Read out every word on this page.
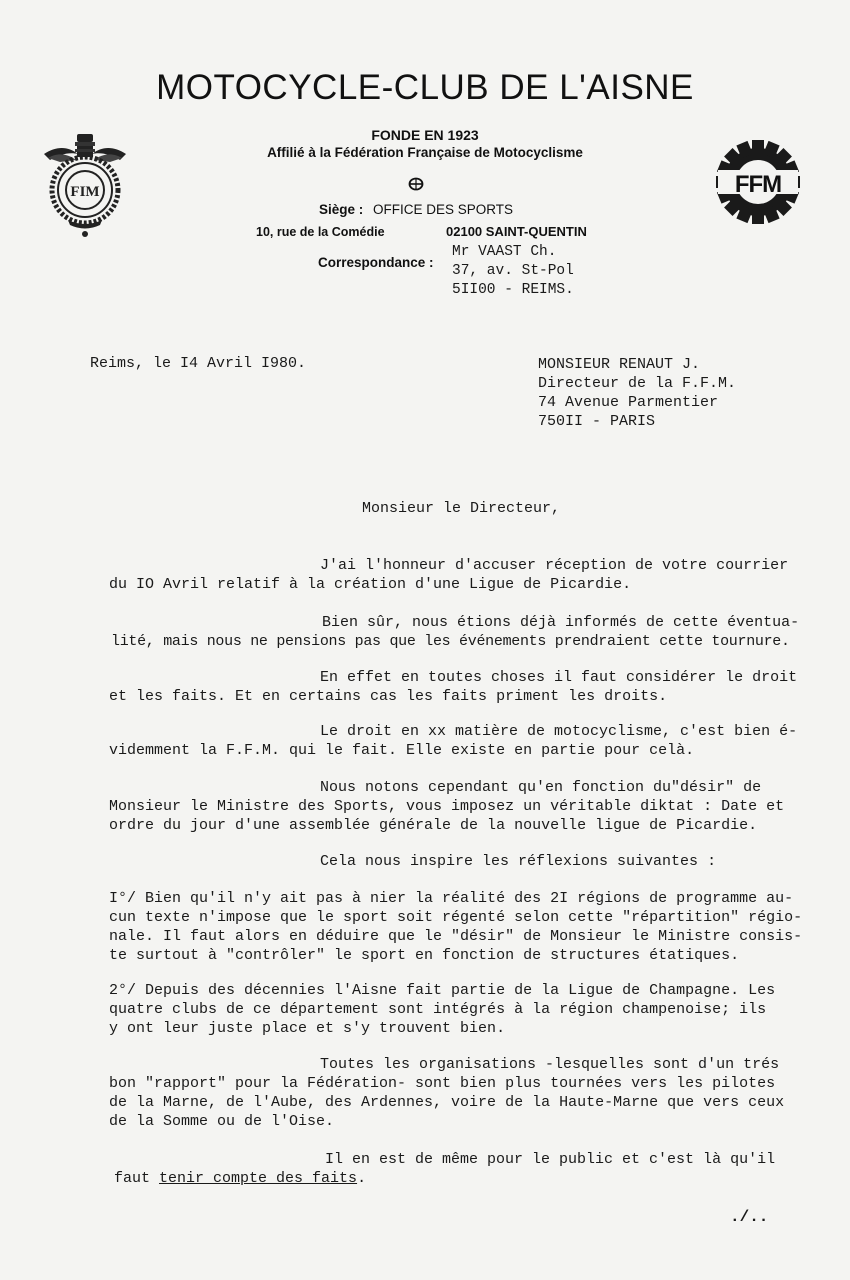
MOTOCYCLE-CLUB DE L'AISNE
FIM	FFM
FONDE EN 1923
Affilié à la Fédération Française de Motocyclisme
Siège : OFFICE DES SPORTS
10, rue de la Comédie	02100 SAINT-QUENTIN
Correspondance :
Mr VAAST Ch.
37, av. St-Pol
5II00 - REIMS.
Reims, le I4 Avril I980.	MONSIEUR RENAUT J.
Directeur de la F.F.M.
74 Avenue Parmentier
750II - PARIS
Monsieur le Directeur,

J'ai l'honneur d'accuser réception de votre courrier

du IO Avril relatif à la création d'une Ligue de Picardie.

Bien sûr, nous étions déjà informés de cette éventua-

lité, mais nous ne pensions pas que les événements prendraient cette tournure.

En effet en toutes choses il faut considérer le droit

et les faits. Et en certains cas les faits priment les droits.

Le droit en xx matière de motocyclisme, c'est bien é-

videmment la F.F.M. qui le fait. Elle existe en partie pour celà.

Nous notons cependant qu'en fonction du"désir" de

Monsieur le Ministre des Sports, vous imposez un véritable diktat : Date et

ordre du jour d'une assemblée générale de la nouvelle ligue de Picardie.

Cela nous inspire les réflexions suivantes :

I°/ Bien qu'il n'y ait pas à nier la réalité des 2I régions de programme au-

cun texte n'impose que le sport soit régenté selon cette "répartition" régio-

nale. Il faut alors en déduire que le "désir" de Monsieur le Ministre consis-

te surtout à "contrôler" le sport en fonction de structures étatiques.

2°/ Depuis des décennies l'Aisne fait partie de la Ligue de Champagne. Les

quatre clubs de ce département sont intégrés à la région champenoise; ils

y ont leur juste place et s'y trouvent bien.

Toutes les organisations -lesquelles sont d'un trés

bon "rapport" pour la Fédération- sont bien plus tournées vers les pilotes

de la Marne, de l'Aube, des Ardennes, voire de la Haute-Marne que vers ceux

de la Somme ou de l'Oise.

Il en est de même pour le public et c'est là qu'il

faut tenir compte des faits.

./..
